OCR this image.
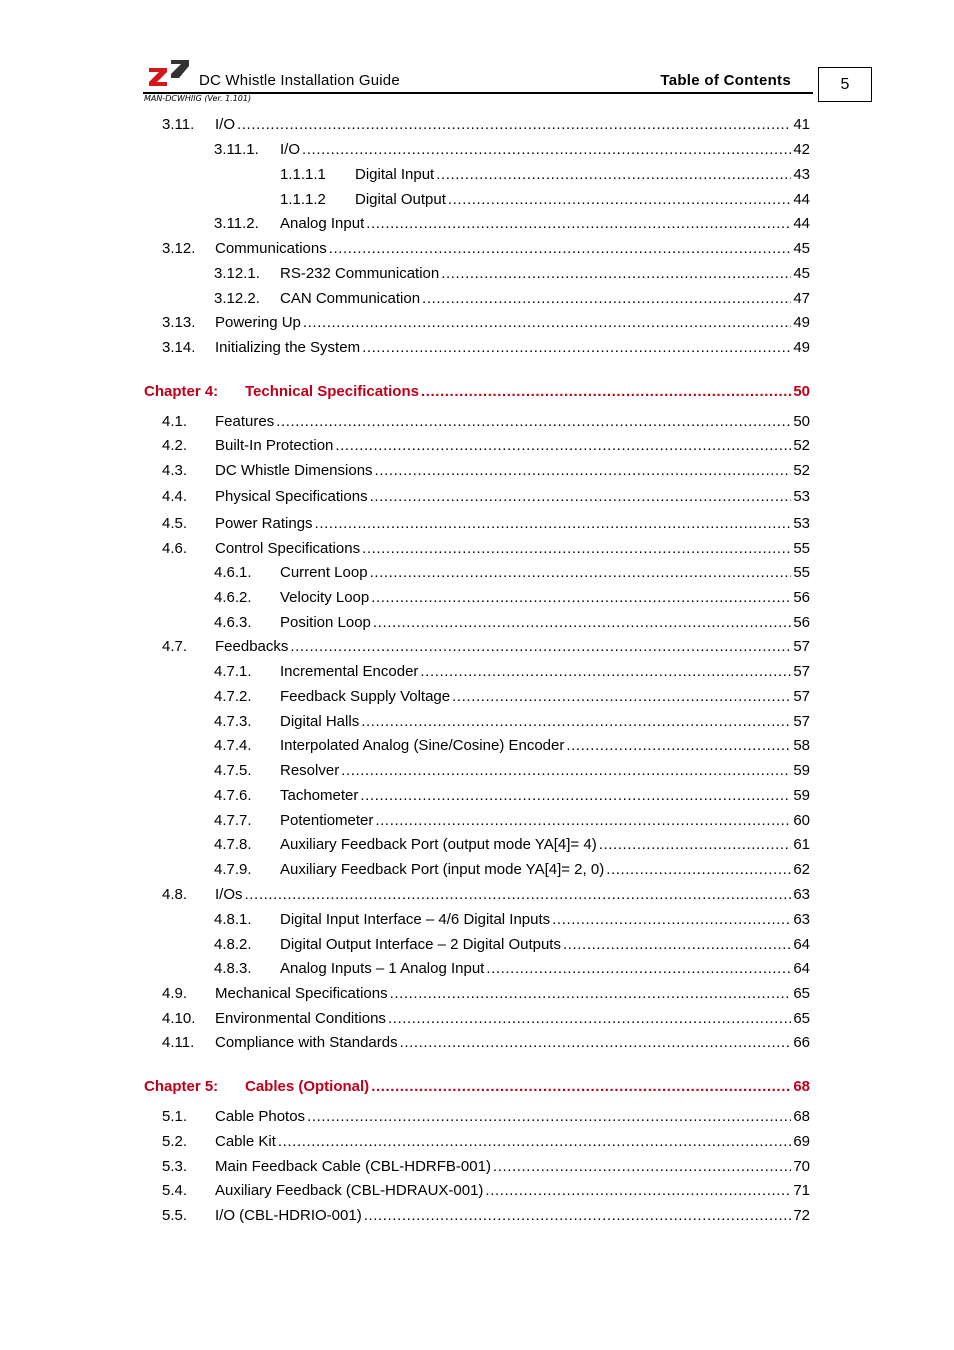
DC Whistle Installation Guide	Table of Contents
MAN-DCWHIIG (Ver. 1.101)
5
3.11.	I/O .....	41
3.11.1.	I/O .....	42
1.1.1.1	Digital Input .....	43
1.1.1.2	Digital Output .....	44
3.11.2.	Analog Input .....	44
3.12.	Communications .....	45
3.12.1.	RS-232 Communication .....	45
3.12.2.	CAN Communication .....	47
3.13.	Powering Up .....	49
3.14.	Initializing the System .....	49
Chapter 4:	Technical Specifications .....	50
4.1.	Features .....	50
4.2.	Built-In Protection .....	52
4.3.	DC Whistle Dimensions .....	52
4.4.	Physical Specifications .....	53
4.5.	Power Ratings .....	53
4.6.	Control Specifications .....	55
4.6.1.	Current Loop .....	55
4.6.2.	Velocity Loop .....	56
4.6.3.	Position Loop .....	56
4.7.	Feedbacks .....	57
4.7.1.	Incremental Encoder .....	57
4.7.2.	Feedback Supply Voltage .....	57
4.7.3.	Digital Halls .....	57
4.7.4.	Interpolated Analog (Sine/Cosine) Encoder .....	58
4.7.5.	Resolver .....	59
4.7.6.	Tachometer .....	59
4.7.7.	Potentiometer .....	60
4.7.8.	Auxiliary Feedback Port (output mode YA[4]= 4) .....	61
4.7.9.	Auxiliary Feedback Port (input mode YA[4]= 2, 0) .....	62
4.8.	I/Os .....	63
4.8.1.	Digital Input Interface – 4/6 Digital Inputs .....	63
4.8.2.	Digital Output Interface – 2 Digital Outputs .....	64
4.8.3.	Analog Inputs – 1 Analog Input .....	64
4.9.	Mechanical Specifications .....	65
4.10.	Environmental Conditions .....	65
4.11.	Compliance with Standards .....	66
Chapter 5:	Cables (Optional) .....	68
5.1.	Cable Photos .....	68
5.2.	Cable Kit .....	69
5.3.	Main Feedback Cable (CBL-HDRFB-001) .....	70
5.4.	Auxiliary Feedback (CBL-HDRAUX-001) .....	71
5.5.	I/O (CBL-HDRIO-001) .....	72
